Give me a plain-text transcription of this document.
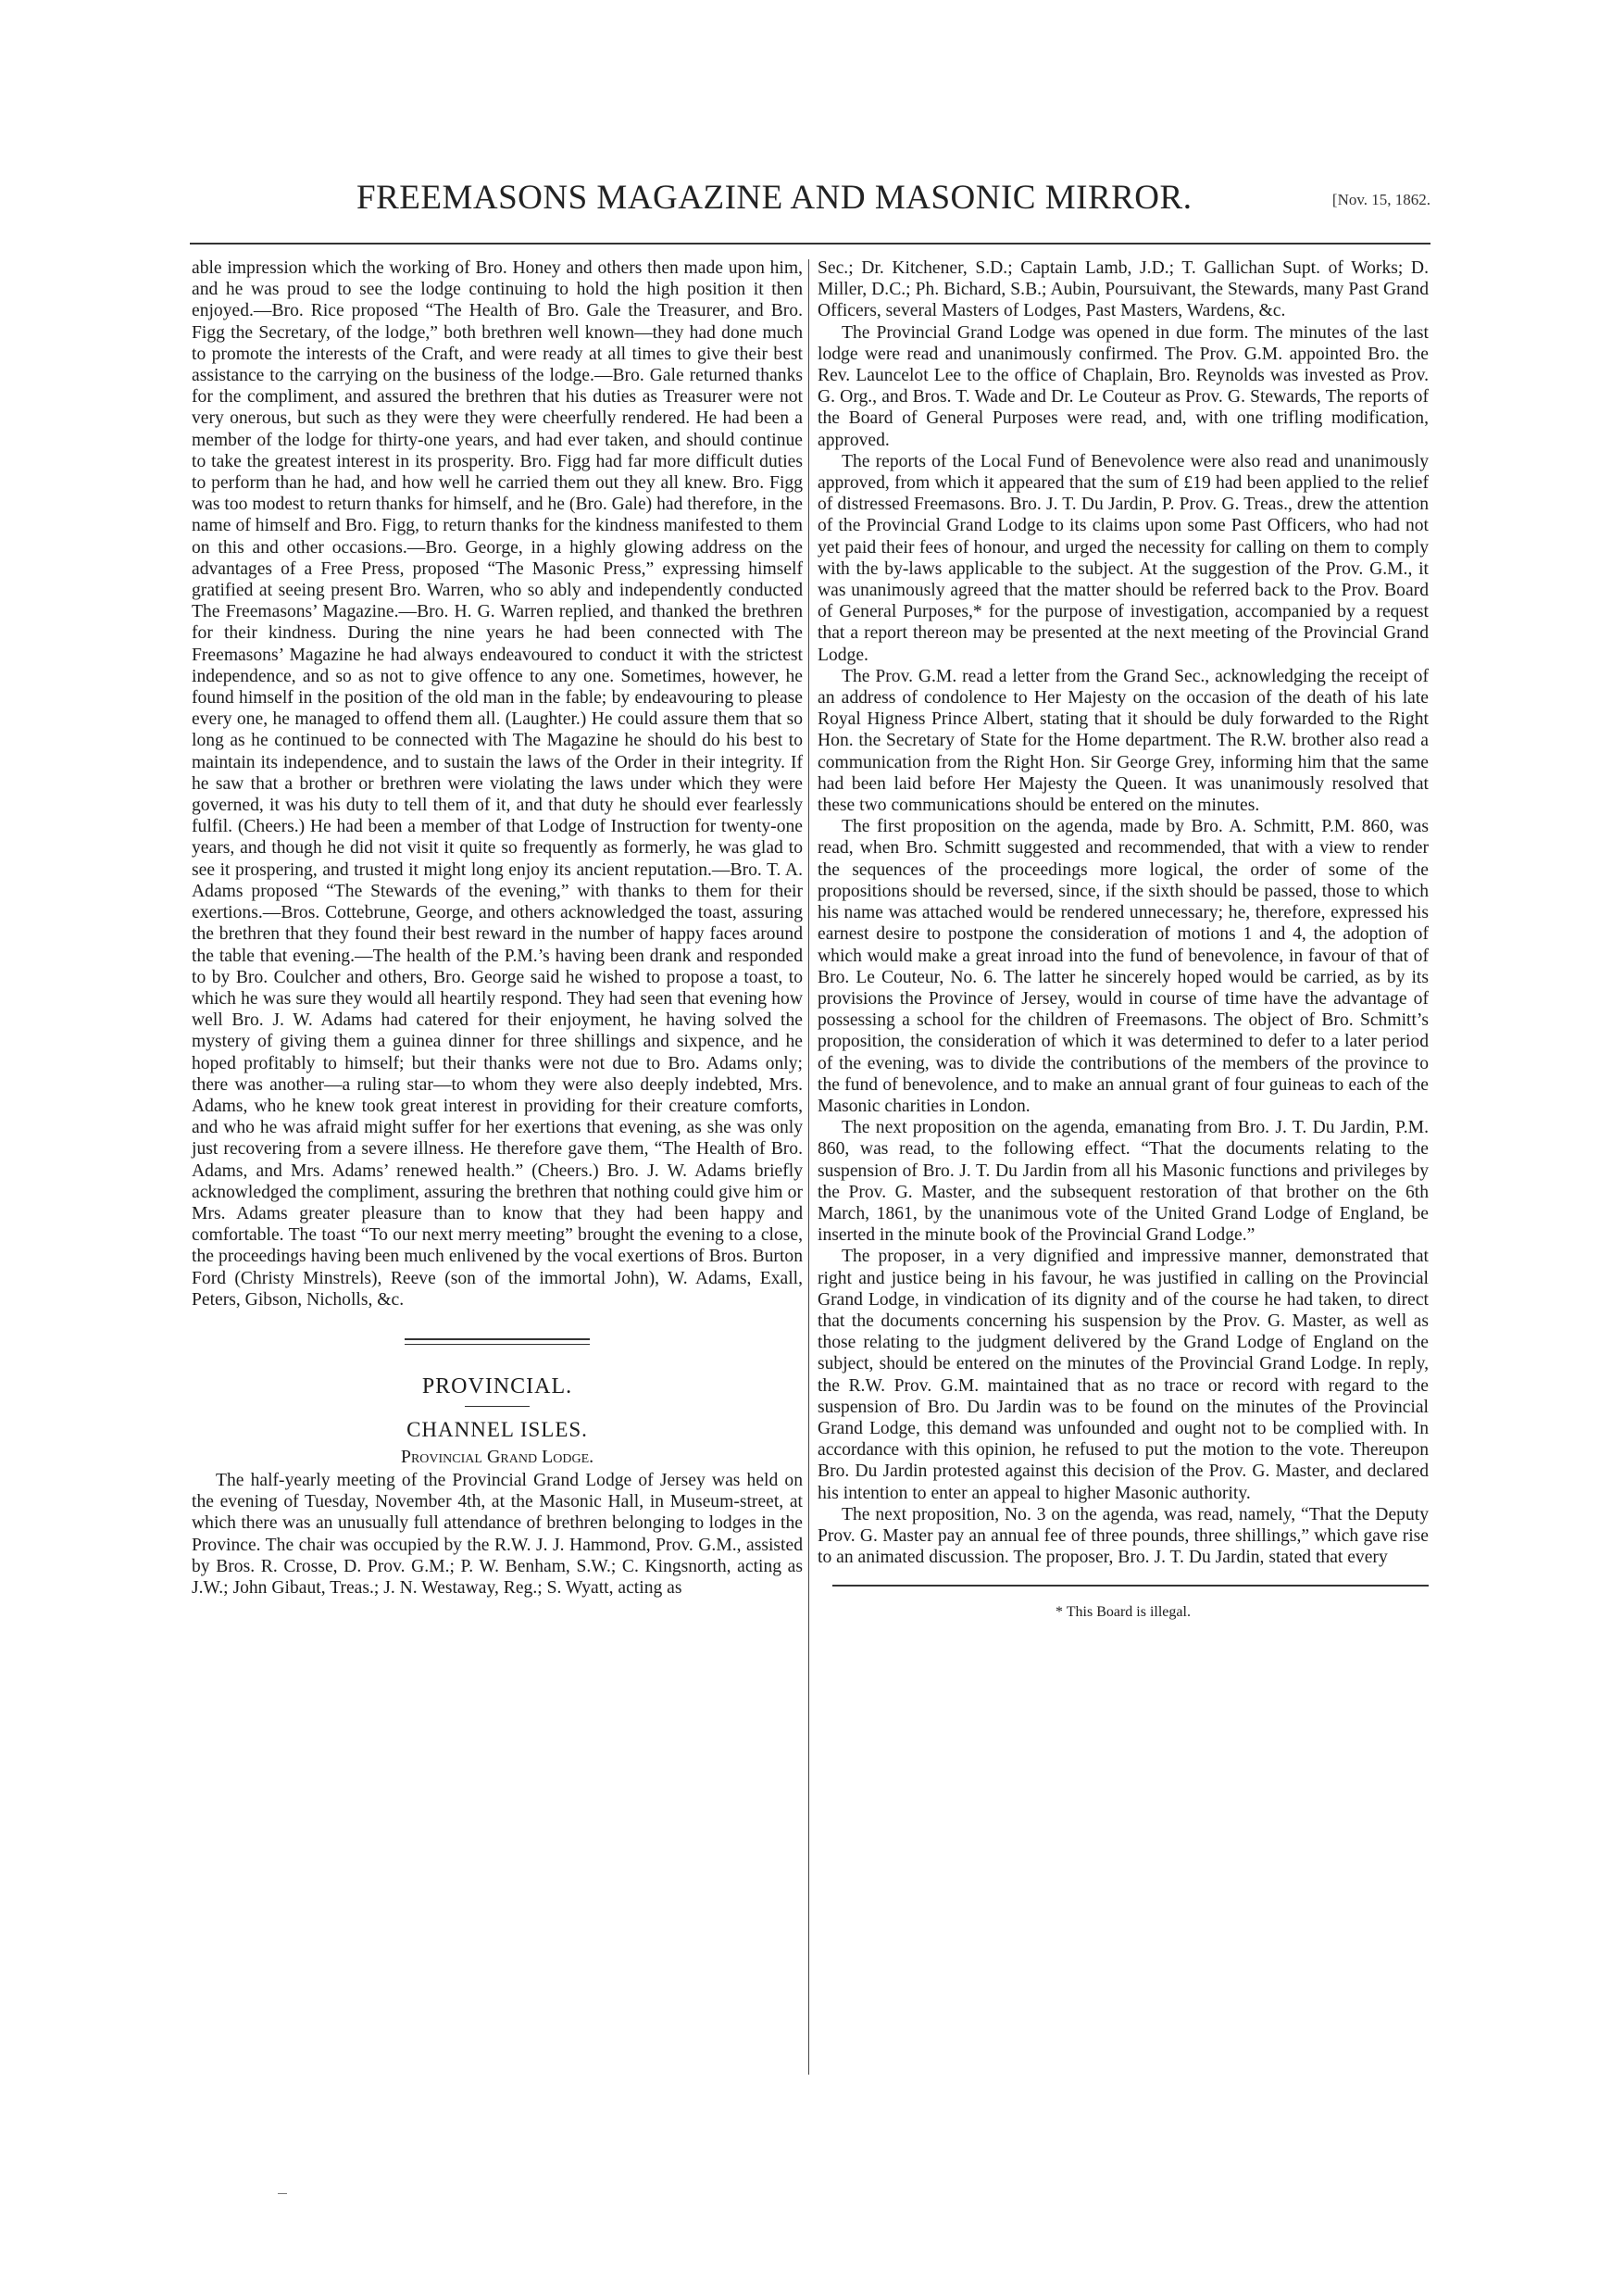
FREEMASONS MAGAZINE AND MASONIC MIRROR.	[Nov. 15, 1862.

able impression which the working of Bro. Honey and others then made upon him, and he was proud to see the lodge continuing to hold the high position it then enjoyed.—Bro. Rice proposed “The Health of Bro. Gale the Treasurer, and Bro. Figg the Secretary, of the lodge,” both brethren well known—they had done much to promote the interests of the Craft, and were ready at all times to give their best assistance to the carrying on the business of the lodge.—Bro. Gale returned thanks for the compliment, and assured the brethren that his duties as Treasurer were not very onerous, but such as they were they were cheerfully rendered. He had been a member of the lodge for thirty-one years, and had ever taken, and should continue to take the greatest interest in its prosperity. Bro. Figg had far more difficult duties to perform than he had, and how well he carried them out they all knew. Bro. Figg was too modest to return thanks for himself, and he (Bro. Gale) had therefore, in the name of himself and Bro. Figg, to return thanks for the kindness manifested to them on this and other occasions.—Bro. George, in a highly glowing address on the advantages of a Free Press, proposed “The Masonic Press,” expressing himself gratified at seeing present Bro. Warren, who so ably and independently conducted The Freemasons’ Magazine.—Bro. H. G. Warren replied, and thanked the brethren for their kindness. During the nine years he had been connected with The Freemasons’ Magazine he had always endeavoured to conduct it with the strictest independence, and so as not to give offence to any one. Sometimes, however, he found himself in the position of the old man in the fable; by endeavouring to please every one, he managed to offend them all. (Laughter.) He could assure them that so long as he continued to be connected with The Magazine he should do his best to maintain its independence, and to sustain the laws of the Order in their integrity. If he saw that a brother or brethren were violating the laws under which they were governed, it was his duty to tell them of it, and that duty he should ever fearlessly fulfil. (Cheers.) He had been a member of that Lodge of Instruction for twenty-one years, and though he did not visit it quite so frequently as formerly, he was glad to see it prospering, and trusted it might long enjoy its ancient reputation.—Bro. T. A. Adams proposed “The Stewards of the evening,” with thanks to them for their exertions.—Bros. Cottebrune, George, and others acknowledged the toast, assuring the brethren that they found their best reward in the number of happy faces around the table that evening.—The health of the P.M.’s having been drank and responded to by Bro. Coulcher and others, Bro. George said he wished to propose a toast, to which he was sure they would all heartily respond. They had seen that evening how well Bro. J. W. Adams had catered for their enjoyment, he having solved the mystery of giving them a guinea dinner for three shillings and sixpence, and he hoped profitably to himself; but their thanks were not due to Bro. Adams only; there was another—a ruling star—to whom they were also deeply indebted, Mrs. Adams, who he knew took great interest in providing for their creature comforts, and who he was afraid might suffer for her exertions that evening, as she was only just recovering from a severe illness. He therefore gave them, “The Health of Bro. Adams, and Mrs. Adams’ renewed health.” (Cheers.) Bro. J. W. Adams briefly acknowledged the compliment, assuring the brethren that nothing could give him or Mrs. Adams greater pleasure than to know that they had been happy and comfortable. The toast “To our next merry meeting” brought the evening to a close, the proceedings having been much enlivened by the vocal exertions of Bros. Burton Ford (Christy Minstrels), Reeve (son of the immortal John), W. Adams, Exall, Peters, Gibson, Nicholls, &c.

PROVINCIAL.

CHANNEL ISLES.

Provincial Grand Lodge.

The half-yearly meeting of the Provincial Grand Lodge of Jersey was held on the evening of Tuesday, November 4th, at the Masonic Hall, in Museum-street, at which there was an unusually full attendance of brethren belonging to lodges in the Province. The chair was occupied by the R.W. J. J. Hammond, Prov. G.M., assisted by Bros. R. Crosse, D. Prov. G.M.; P. W. Benham, S.W.; C. Kingsnorth, acting as J.W.; John Gibaut, Treas.; J. N. Westaway, Reg.; S. Wyatt, acting as

Sec.; Dr. Kitchener, S.D.; Captain Lamb, J.D.; T. Gallichan Supt. of Works; D. Miller, D.C.; Ph. Bichard, S.B.; Aubin, Poursuivant, the Stewards, many Past Grand Officers, several Masters of Lodges, Past Masters, Wardens, &c.

The Provincial Grand Lodge was opened in due form. The minutes of the last lodge were read and unanimously confirmed. The Prov. G.M. appointed Bro. the Rev. Launcelot Lee to the office of Chaplain, Bro. Reynolds was invested as Prov. G. Org., and Bros. T. Wade and Dr. Le Couteur as Prov. G. Stewards, The reports of the Board of General Purposes were read, and, with one trifling modification, approved.

The reports of the Local Fund of Benevolence were also read and unanimously approved, from which it appeared that the sum of £19 had been applied to the relief of distressed Freemasons. Bro. J. T. Du Jardin, P. Prov. G. Treas., drew the attention of the Provincial Grand Lodge to its claims upon some Past Officers, who had not yet paid their fees of honour, and urged the necessity for calling on them to comply with the by-laws applicable to the subject. At the suggestion of the Prov. G.M., it was unanimously agreed that the matter should be referred back to the Prov. Board of General Purposes,* for the purpose of investigation, accompanied by a request that a report thereon may be presented at the next meeting of the Provincial Grand Lodge.

The Prov. G.M. read a letter from the Grand Sec., acknowledging the receipt of an address of condolence to Her Majesty on the occasion of the death of his late Royal Higness Prince Albert, stating that it should be duly forwarded to the Right Hon. the Secretary of State for the Home department. The R.W. brother also read a communication from the Right Hon. Sir George Grey, informing him that the same had been laid before Her Majesty the Queen. It was unanimously resolved that these two communications should be entered on the minutes.

The first proposition on the agenda, made by Bro. A. Schmitt, P.M. 860, was read, when Bro. Schmitt suggested and recommended, that with a view to render the sequences of the proceedings more logical, the order of some of the propositions should be reversed, since, if the sixth should be passed, those to which his name was attached would be rendered unnecessary; he, therefore, expressed his earnest desire to postpone the consideration of motions 1 and 4, the adoption of which would make a great inroad into the fund of benevolence, in favour of that of Bro. Le Couteur, No. 6. The latter he sincerely hoped would be carried, as by its provisions the Province of Jersey, would in course of time have the advantage of possessing a school for the children of Freemasons. The object of Bro. Schmitt’s proposition, the consideration of which it was determined to defer to a later period of the evening, was to divide the contributions of the members of the province to the fund of benevolence, and to make an annual grant of four guineas to each of the Masonic charities in London.

The next proposition on the agenda, emanating from Bro. J. T. Du Jardin, P.M. 860, was read, to the following effect. “That the documents relating to the suspension of Bro. J. T. Du Jardin from all his Masonic functions and privileges by the Prov. G. Master, and the subsequent restoration of that brother on the 6th March, 1861, by the unanimous vote of the United Grand Lodge of England, be inserted in the minute book of the Provincial Grand Lodge.”

The proposer, in a very dignified and impressive manner, demonstrated that right and justice being in his favour, he was justified in calling on the Provincial Grand Lodge, in vindication of its dignity and of the course he had taken, to direct that the documents concerning his suspension by the Prov. G. Master, as well as those relating to the judgment delivered by the Grand Lodge of England on the subject, should be entered on the minutes of the Provincial Grand Lodge. In reply, the R.W. Prov. G.M. maintained that as no trace or record with regard to the suspension of Bro. Du Jardin was to be found on the minutes of the Provincial Grand Lodge, this demand was unfounded and ought not to be complied with. In accordance with this opinion, he refused to put the motion to the vote. Thereupon Bro. Du Jardin protested against this decision of the Prov. G. Master, and declared his intention to enter an appeal to higher Masonic authority.

The next proposition, No. 3 on the agenda, was read, namely, “That the Deputy Prov. G. Master pay an annual fee of three pounds, three shillings,” which gave rise to an animated discussion. The proposer, Bro. J. T. Du Jardin, stated that every

* This Board is illegal.
